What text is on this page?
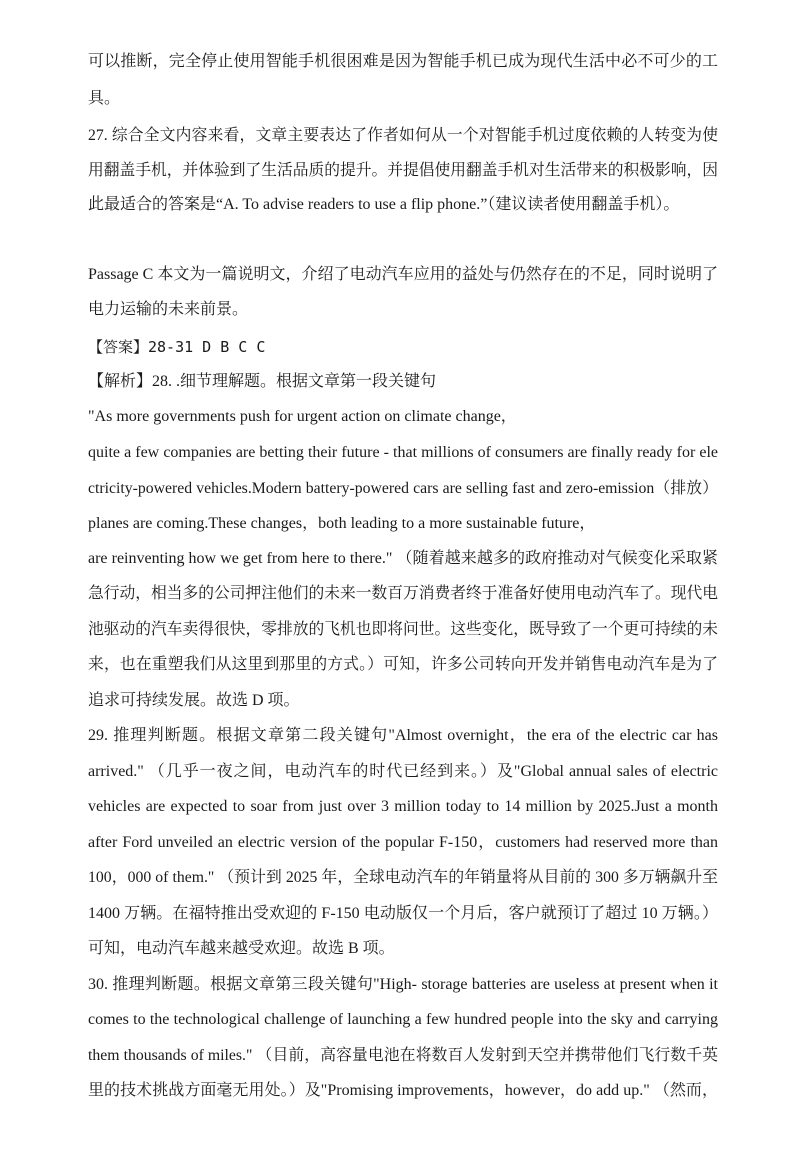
可以推断，完全停止使用智能手机很困难是因为智能手机已成为现代生活中必不可少的工
具。
27. 综合全文内容来看，文章主要表达了作者如何从一个对智能手机过度依赖的人转变为使
用翻盖手机，并体验到了生活品质的提升。并提倡使用翻盖手机对生活带来的积极影响，因
此最适合的答案是“A. To advise readers to use a flip phone.”（建议读者使用翻盖手机）。
Passage C 本文为一篇说明文，介绍了电动汽车应用的益处与仍然存在的不足，同时说明了
电力运输的未来前景。
【答案】28-31 D B C C
【解析】28. .细节理解题。根据文章第一段关键句
"As more governments push for urgent action on climate change，
quite a few companies are betting their future - that millions of consumers are finally ready for ele
ctricity-powered vehicles.Modern battery-powered cars are selling fast and zero-emission（排放）
planes are coming.These changes，both leading to a more sustainable future，
are reinventing how we get from here to there." （随着越来越多的政府推动对气候变化采取紧
急行动，相当多的公司押注他们的未来一数百万消费者终于准备好使用电动汽车了。现代电
池驱动的汽车卖得很快，零排放的飞机也即将问世。这些变化，既导致了一个更可持续的未
来，也在重塑我们从这里到那里的方式。）可知，许多公司转向开发并销售电动汽车是为了
追求可持续发展。故选 D 项。
29. 推理判断题。根据文章第二段关键句"Almost overnight，the era of the electric car has
arrived." （几乎一夜之间，电动汽车的时代已经到来。）及"Global annual sales of electric
vehicles are expected to soar from just over 3 million today to 14 million by 2025.Just a month
after Ford unveiled an electric version of the popular F-150，customers had reserved more than
100，000 of them." （预计到 2025 年，全球电动汽车的年销量将从目前的 300 多万辆飙升至
1400 万辆。在福特推出受欢迎的 F-150 电动版仅一个月后，客户就预订了超过 10 万辆。）
可知，电动汽车越来越受欢迎。故选 B 项。
30. 推理判断题。根据文章第三段关键句"High- storage batteries are useless at present when it
comes to the technological challenge of launching a few hundred people into the sky and carrying
them thousands of miles." （目前，高容量电池在将数百人发射到天空并携带他们飞行数千英
里的技术挑战方面毫无用处。）及"Promising improvements，however，do add up." （然而，
